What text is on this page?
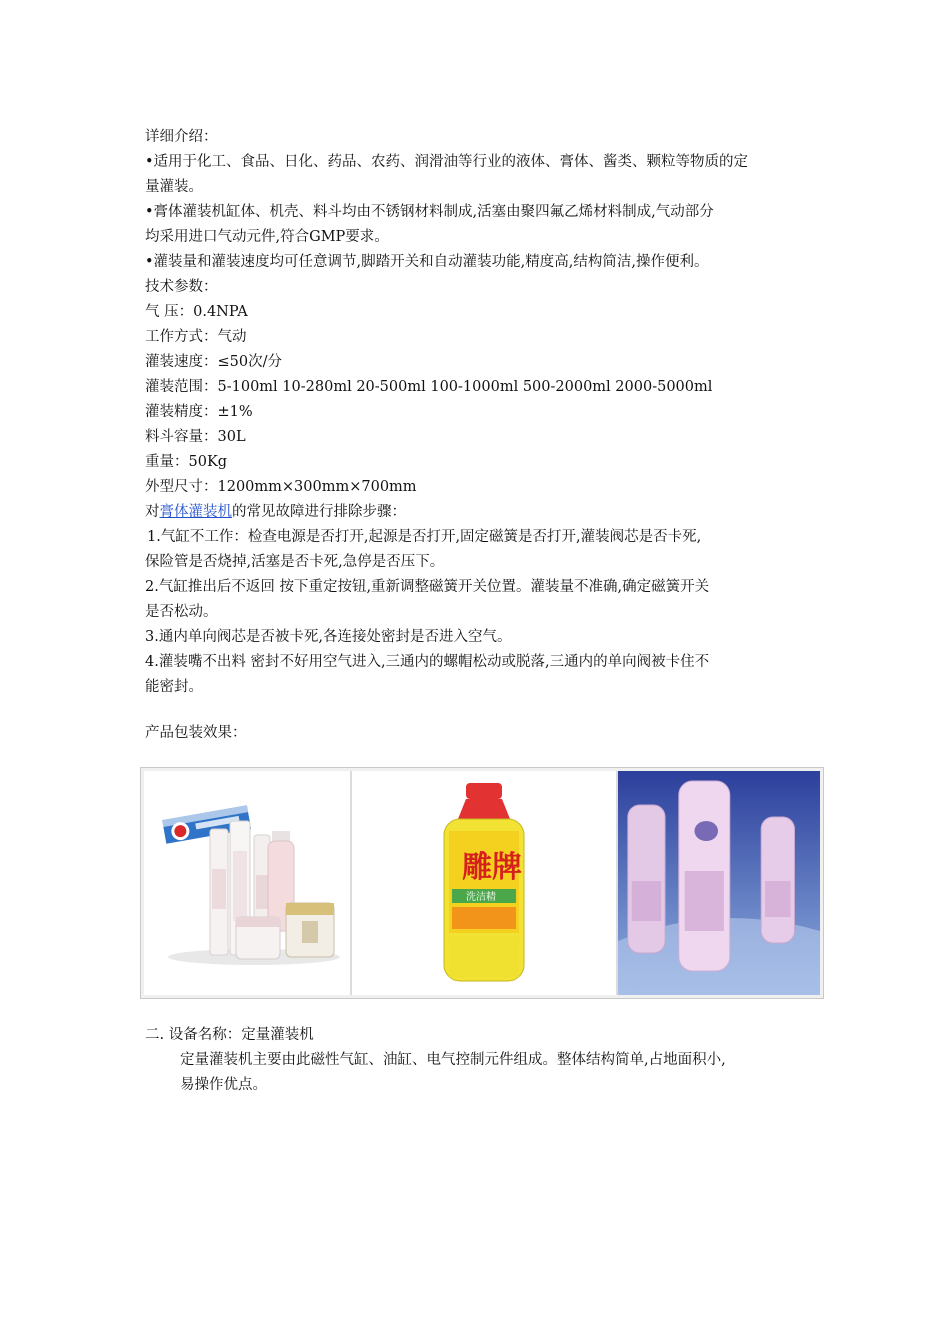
详细介绍：
•适用于化工、食品、日化、药品、农药、润滑油等行业的液体、膏体、酱类、颗粒等物质的定
量灌装。
•膏体灌装机缸体、机壳、料斗均由不锈钢材料制成,活塞由聚四氟乙烯材料制成,气动部分
均采用进口气动元件,符合GMP要求。
•灌装量和灌装速度均可任意调节,脚踏开关和自动灌装功能,精度高,结构简洁,操作便利。
技术参数：
气 压：0.4NPA
工作方式：气动
灌装速度：≤50次/分
灌装范围：5-100ml 10-280ml 20-500ml 100-1000ml 500-2000ml 2000-5000ml
灌装精度：±1%
料斗容量：30L
重量：50Kg
外型尺寸：1200mm×300mm×700mm
对膏体灌装机的常见故障进行排除步骤：
1.气缸不工作：检查电源是否打开,起源是否打开,固定磁簧是否打开,灌装阀芯是否卡死,
保险管是否烧掉,活塞是否卡死,急停是否压下。
2.气缸推出后不返回 按下重定按钮,重新调整磁簧开关位置。灌装量不准确,确定磁簧开关
是否松动。
3.通内单向阀芯是否被卡死,各连接处密封是否进入空气。
4.灌装嘴不出料 密封不好用空气进入,三通内的螺帽松动或脱落,三通内的单向阀被卡住不
能密封。
产品包装效果：
雕牌
洗洁精
二. 设备名称：定量灌装机
定量灌装机主要由此磁性气缸、油缸、电气控制元件组成。整体结构简单,占地面积小,
易操作优点。
